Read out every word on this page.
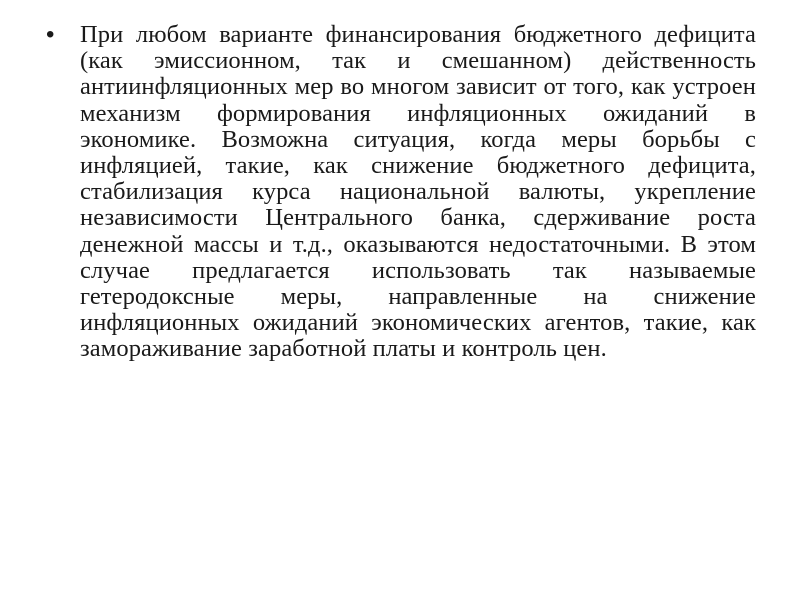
• При любом варианте финансирования бюджетного дефицита (как эмиссионном, так и смешанном) действенность антиинфляционных мер во многом зависит от того, как устроен механизм формирования инфляционных ожиданий в экономике. Возможна ситуация, когда меры борьбы с инфляцией, такие, как снижение бюджетного дефицита, стабилизация курса национальной валюты, укрепление независимости Центрального банка, сдерживание роста денежной массы и т.д., оказываются недостаточными. В этом случае предлагается использовать так называемые гетеродоксные меры, направленные на снижение инфляционных ожиданий экономических агентов, такие, как замораживание заработной платы и контроль цен.
